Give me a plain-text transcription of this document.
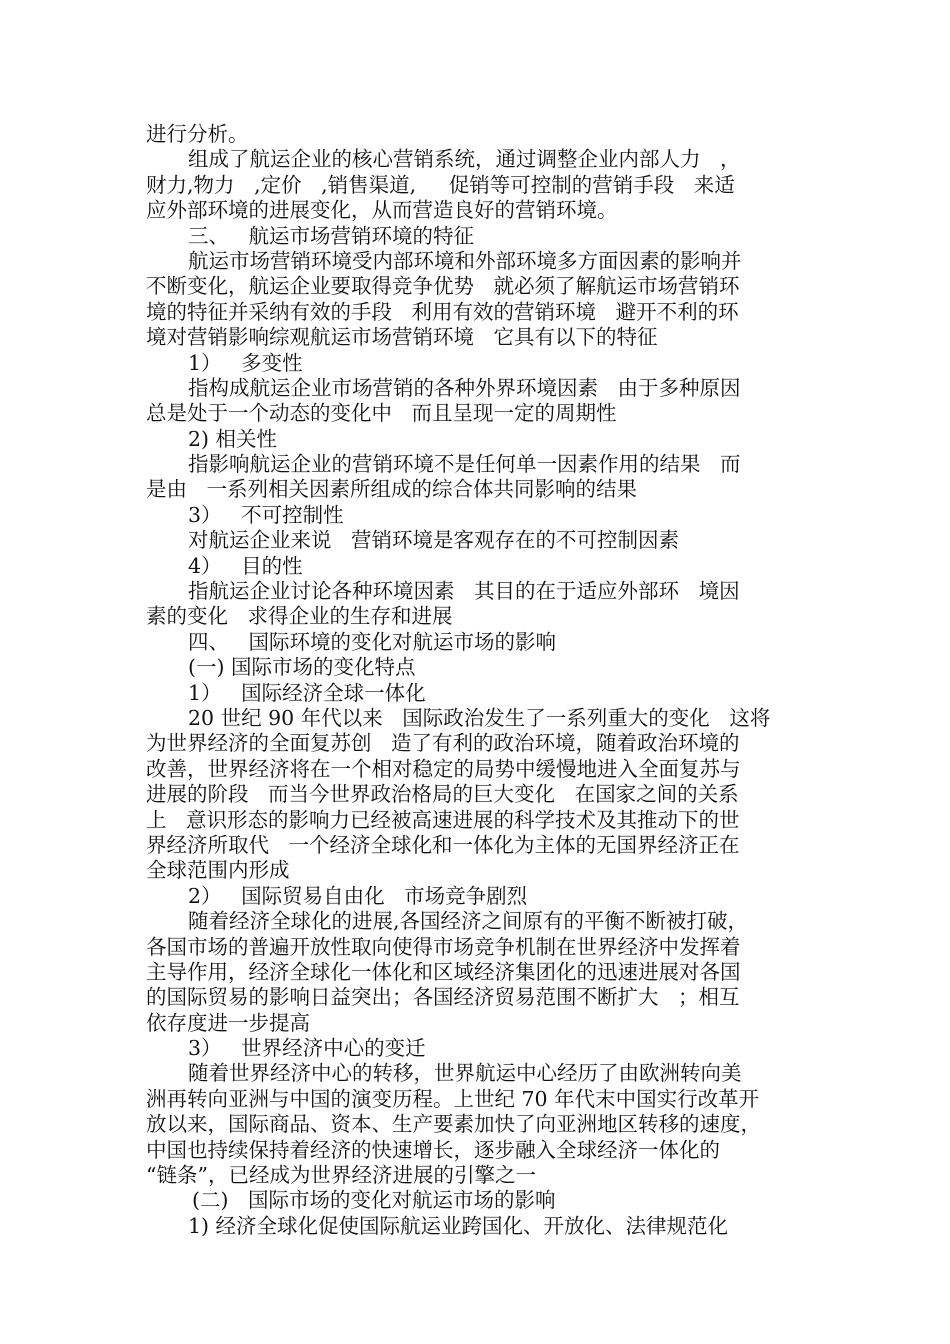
进行分析。
组成了航运企业的核心营销系统，通过调整企业内部人力   ，
财力,物力   ,定价   ,销售渠道,     促销等可控制的营销手段   来适
应外部环境的进展变化，从而营造良好的营销环境。
三、   航运市场营销环境的特征
航运市场营销环境受内部环境和外部环境多方面因素的影响并
不断变化，航运企业要取得竞争优势   就必须了解航运市场营销环
境的特征并采纳有效的手段   利用有效的营销环境   避开不利的环
境对营销影响综观航运市场营销环境   它具有以下的特征
1）   多变性
指构成航运企业市场营销的各种外界环境因素   由于多种原因
总是处于一个动态的变化中   而且呈现一定的周期性
2) 相关性
指影响航运企业的营销环境不是任何单一因素作用的结果   而
是由   一系列相关因素所组成的综合体共同影响的结果
3）   不可控制性
对航运企业来说   营销环境是客观存在的不可控制因素
4）   目的性
指航运企业讨论各种环境因素   其目的在于适应外部环   境因
素的变化   求得企业的生存和进展
四、   国际环境的变化对航运市场的影响
(一) 国际市场的变化特点
1）   国际经济全球一体化
20 世纪 90 年代以来   国际政治发生了一系列重大的变化   这将
为世界经济的全面复苏创   造了有利的政治环境，随着政治环境的
改善，世界经济将在一个相对稳定的局势中缓慢地进入全面复苏与
进展的阶段   而当今世界政治格局的巨大变化   在国家之间的关系
上   意识形态的影响力已经被高速进展的科学技术及其推动下的世
界经济所取代   一个经济全球化和一体化为主体的无国界经济正在
全球范围内形成
2）   国际贸易自由化   市场竞争剧烈
随着经济全球化的进展,各国经济之间原有的平衡不断被打破，
各国市场的普遍开放性取向使得市场竞争机制在世界经济中发挥着
主导作用，经济全球化一体化和区域经济集团化的迅速进展对各国
的国际贸易的影响日益突出；各国经济贸易范围不断扩大   ；相互
依存度进一步提高
3）   世界经济中心的变迁
随着世界经济中心的转移，世界航运中心经历了由欧洲转向美
洲再转向亚洲与中国的演变历程。上世纪 70 年代末中国实行改革开
放以来，国际商品、资本、生产要素加快了向亚洲地区转移的速度，
中国也持续保持着经济的快速增长，逐步融入全球经济一体化的
“链条”，已经成为世界经济进展的引擎之一
(二)   国际市场的变化对航运市场的影响
1) 经济全球化促使国际航运业跨国化、开放化、法律规范化
